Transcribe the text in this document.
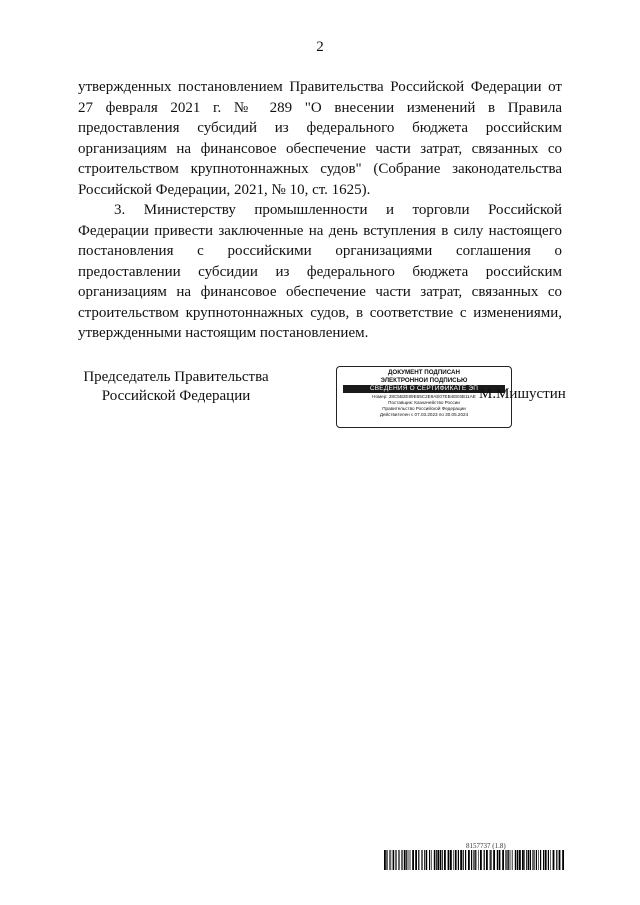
2

утвержденных постановлением Правительства Российской Федерации от 27 февраля 2021 г. № 289 "О внесении изменений в Правила предоставления субсидий из федерального бюджета российским организациям на финансовое обеспечение части затрат, связанных со строительством крупнотоннажных судов" (Собрание законодательства Российской Федерации, 2021, № 10, ст. 1625).

3. Министерству промышленности и торговли Российской Федерации привести заключенные на день вступления в силу настоящего постановления с российскими организациями соглашения о предоставлении субсидии из федерального бюджета российским организациям на финансовое обеспечение части затрат, связанных со строительством крупнотоннажных судов, в соответствие с изменениями, утвержденными настоящим постановлением.

Председатель Правительства
Российской Федерации
ДОКУМЕНТ ПОДПИСАН
ЭЛЕКТРОННОЙ ПОДПИСЬЮ
СВЕДЕНИЯ О СЕРТИФИКАТЕ ЭП
Номер: 28С5В2Е89Е65С2Е8АЕ07ЕВ4ЕЕ6В11АЕ
Поставщик: Казначейство России
Правительство Российской Федерации
Действителен с 07.03.2023 по 30.05.2024
М.Мишустин
8157737 (1.8)
